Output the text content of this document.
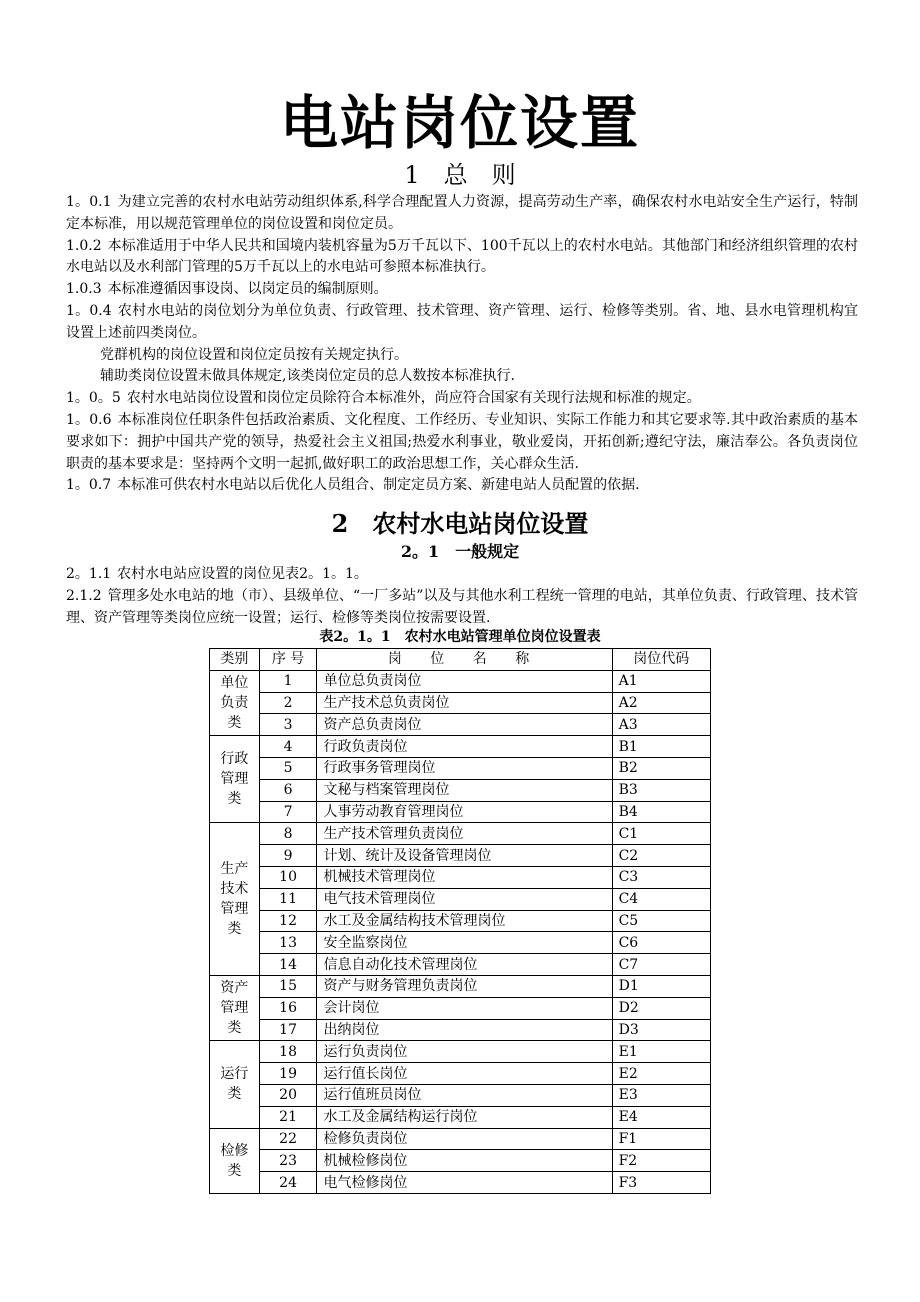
电站岗位设置
1　总　则

1。0.1 为建立完善的农村水电站劳动组织体系,科学合理配置人力资源，提高劳动生产率，确保农村水电站安全生产运行，特制定本标准，用以规范管理单位的岗位设置和岗位定员。

1.0.2 本标准适用于中华人民共和国境内装机容量为5万千瓦以下、100千瓦以上的农村水电站。其他部门和经济组织管理的农村水电站以及水利部门管理的5万千瓦以上的水电站可参照本标准执行。

1.0.3 本标准遵循因事设岗、以岗定员的编制原则。

1。0.4 农村水电站的岗位划分为单位负责、行政管理、技术管理、资产管理、运行、检修等类别。省、地、县水电管理机构宜设置上述前四类岗位。

党群机构的岗位设置和岗位定员按有关规定执行。

辅助类岗位设置未做具体规定,该类岗位定员的总人数按本标准执行.

1。0。5 农村水电站岗位设置和岗位定员除符合本标准外，尚应符合国家有关现行法规和标准的规定。

1。0.6 本标准岗位任职条件包括政治素质、文化程度、工作经历、专业知识、实际工作能力和其它要求等.其中政治素质的基本要求如下：拥护中国共产党的领导，热爱社会主义祖国;热爱水利事业，敬业爱岗，开拓创新;遵纪守法，廉洁奉公。各负责岗位职责的基本要求是：坚持两个文明一起抓,做好职工的政治思想工作，关心群众生活.

1。0.7 本标准可供农村水电站以后优化人员组合、制定定员方案、新建电站人员配置的依据.

2　农村水电站岗位设置
2。1　一般规定

2。1.1 农村水电站应设置的岗位见表2。1。1。

2.1.2 管理多处水电站的地（市）、县级单位、“一厂多站”以及与其他水利工程统一管理的电站，其单位负责、行政管理、技术管理、资产管理等类岗位应统一设置；运行、检修等类岗位按需要设置.

表2。1。1　农村水电站管理单位岗位设置表
类别	序 号	岗 位 名 称	岗位代码
单位负责类	1	单位总负责岗位	A1
	2	生产技术总负责岗位	A2
	3	资产总负责岗位	A3
行政管理类	4	行政负责岗位	B1
	5	行政事务管理岗位	B2
	6	文秘与档案管理岗位	B3
	7	人事劳动教育管理岗位	B4
生产技术管理类	8	生产技术管理负责岗位	C1
	9	计划、统计及设备管理岗位	C2
	10	机械技术管理岗位	C3
	11	电气技术管理岗位	C4
	12	水工及金属结构技术管理岗位	C5
	13	安全监察岗位	C6
	14	信息自动化技术管理岗位	C7
资产管理类	15	资产与财务管理负责岗位	D1
	16	会计岗位	D2
	17	出纳岗位	D3
运行类	18	运行负责岗位	E1
	19	运行值长岗位	E2
	20	运行值班员岗位	E3
	21	水工及金属结构运行岗位	E4
检修类	22	检修负责岗位	F1
	23	机械检修岗位	F2
	24	电气检修岗位	F3
